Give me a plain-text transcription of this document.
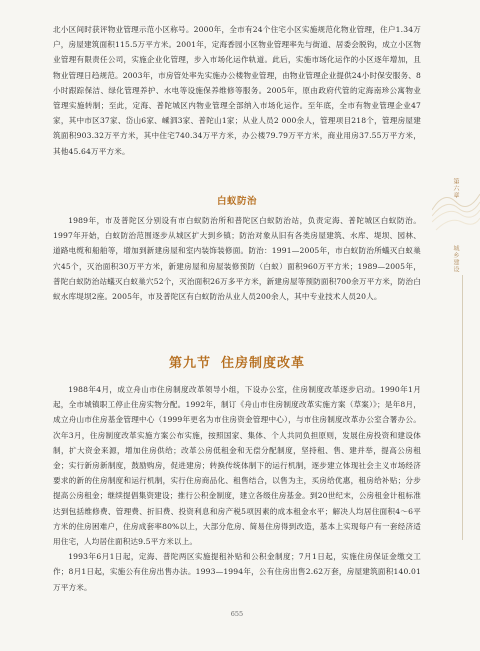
北小区间时获评物业管理示范小区称号。2000年，全市有24个住宅小区实施规范化物业管理，住户1.34万户，房屋建筑面积115.5万平方米。2001年，定海香园小区物业管理率先与街道、居委会脱钩，成立小区物业管理有限责任公司，实施企业化管理，步入市场化运作轨道。此后，实施市场化运作的小区逐年增加，且物业管理日趋规范。2003年，市房管处率先实施办公楼物业管理，由物业管理企业提供24小时保安服务、8小时跟踪保洁、绿化管理养护、水电等设施保养维修等服务。2005年，原由政府代管的定海南珍公寓物业管理实施转制；至此，定海、普陀城区内物业管理全部纳入市场化运作。至年底，全市有物业管理企业47家，其中市区37家、岱山6家、嵊泗3家、普陀山1家；从业人员2 000余人，管理项目218个，管理房屋建筑面积903.32万平方米，其中住宅740.34万平方米，办公楼79.79万平方米，商业用房37.55万平方米，其他45.64万平方米。

白蚁防治

1989年，市及普陀区分别设有市白蚁防治所和普陀区白蚁防治站，负责定海、普陀城区白蚁防治。1997年开始，白蚁防治范围逐步从城区扩大到乡镇；防治对象从旧有各类房屋建筑、水库、堤坝、园林、道路电缆和船舶等，增加到新建房屋和室内装饰装修面。防治：1991—2005年，市白蚁防治所蟻灭白蚁巢穴45个，灭治面积30万平方米，新建房屋和房屋装修预防（白蚁）面积960万平方米；1989—2005年，普陀白蚁防治站蟻灭白蚁巢穴52个，灭治面积26万多平方米，新建房屋等预防面积700余万平方米，防治白蚁水库堤坝2座。2005年，市及普陀区有白蚁防治从业人员200余人，其中专业技术人员20人。

第九节 住房制度改革

1988年4月，成立舟山市住房制度改革领导小组，下设办公室，住房制度改革逐步启动。1990年1月起，全市城镇职工停止住房实物分配。1992年，制订《舟山市住房制度改革实施方案（草案）》；是年8月，成立舟山市住房基金管理中心（1999年更名为市住房资金管理中心），与市住房制度改革办公室合署办公。次年3月，住房制度改革实施方案公布实施，按照国家、集体、个人共同负担原则，发展住房投资和建设体制，扩大资金来源，增加住房供给；改革公房低租金和无偿分配制度，坚持租、售、建并举，提高公房租金；实行新房新制度，鼓励购房，促进建房；转换传统体制下的运行机制，逐步建立体现社会主义市场经济要求的新的住房制度和运行机制，实行住房商品化、租售结合，以售为主，买房给优惠，租房给补贴；分步提高公房租金；继续提倡集资建设；推行公积金制度，建立各级住房基金。到20世纪末，公房租金计租标准达到包括维修费、管理费、折旧费、投资利息和房产税5项因素的成本租金水平；解决人均居住面积4～6平方米的住房困难户，住房成套率80%以上，大部分危房、简易住房得到改造，基本上实现每户有一套经济适用住宅，人均居住面积达9.5平方米以上。

1993年6月1日起，定海、普陀两区实施提租补贴和公积金制度；7月1日起，实施住房保证金缴交工作；8月1日起，实施公有住房出售办法。1993—1994年，公有住房出售2.62万套，房屋建筑面积140.01万平方米。

第六章
城乡建设
655
